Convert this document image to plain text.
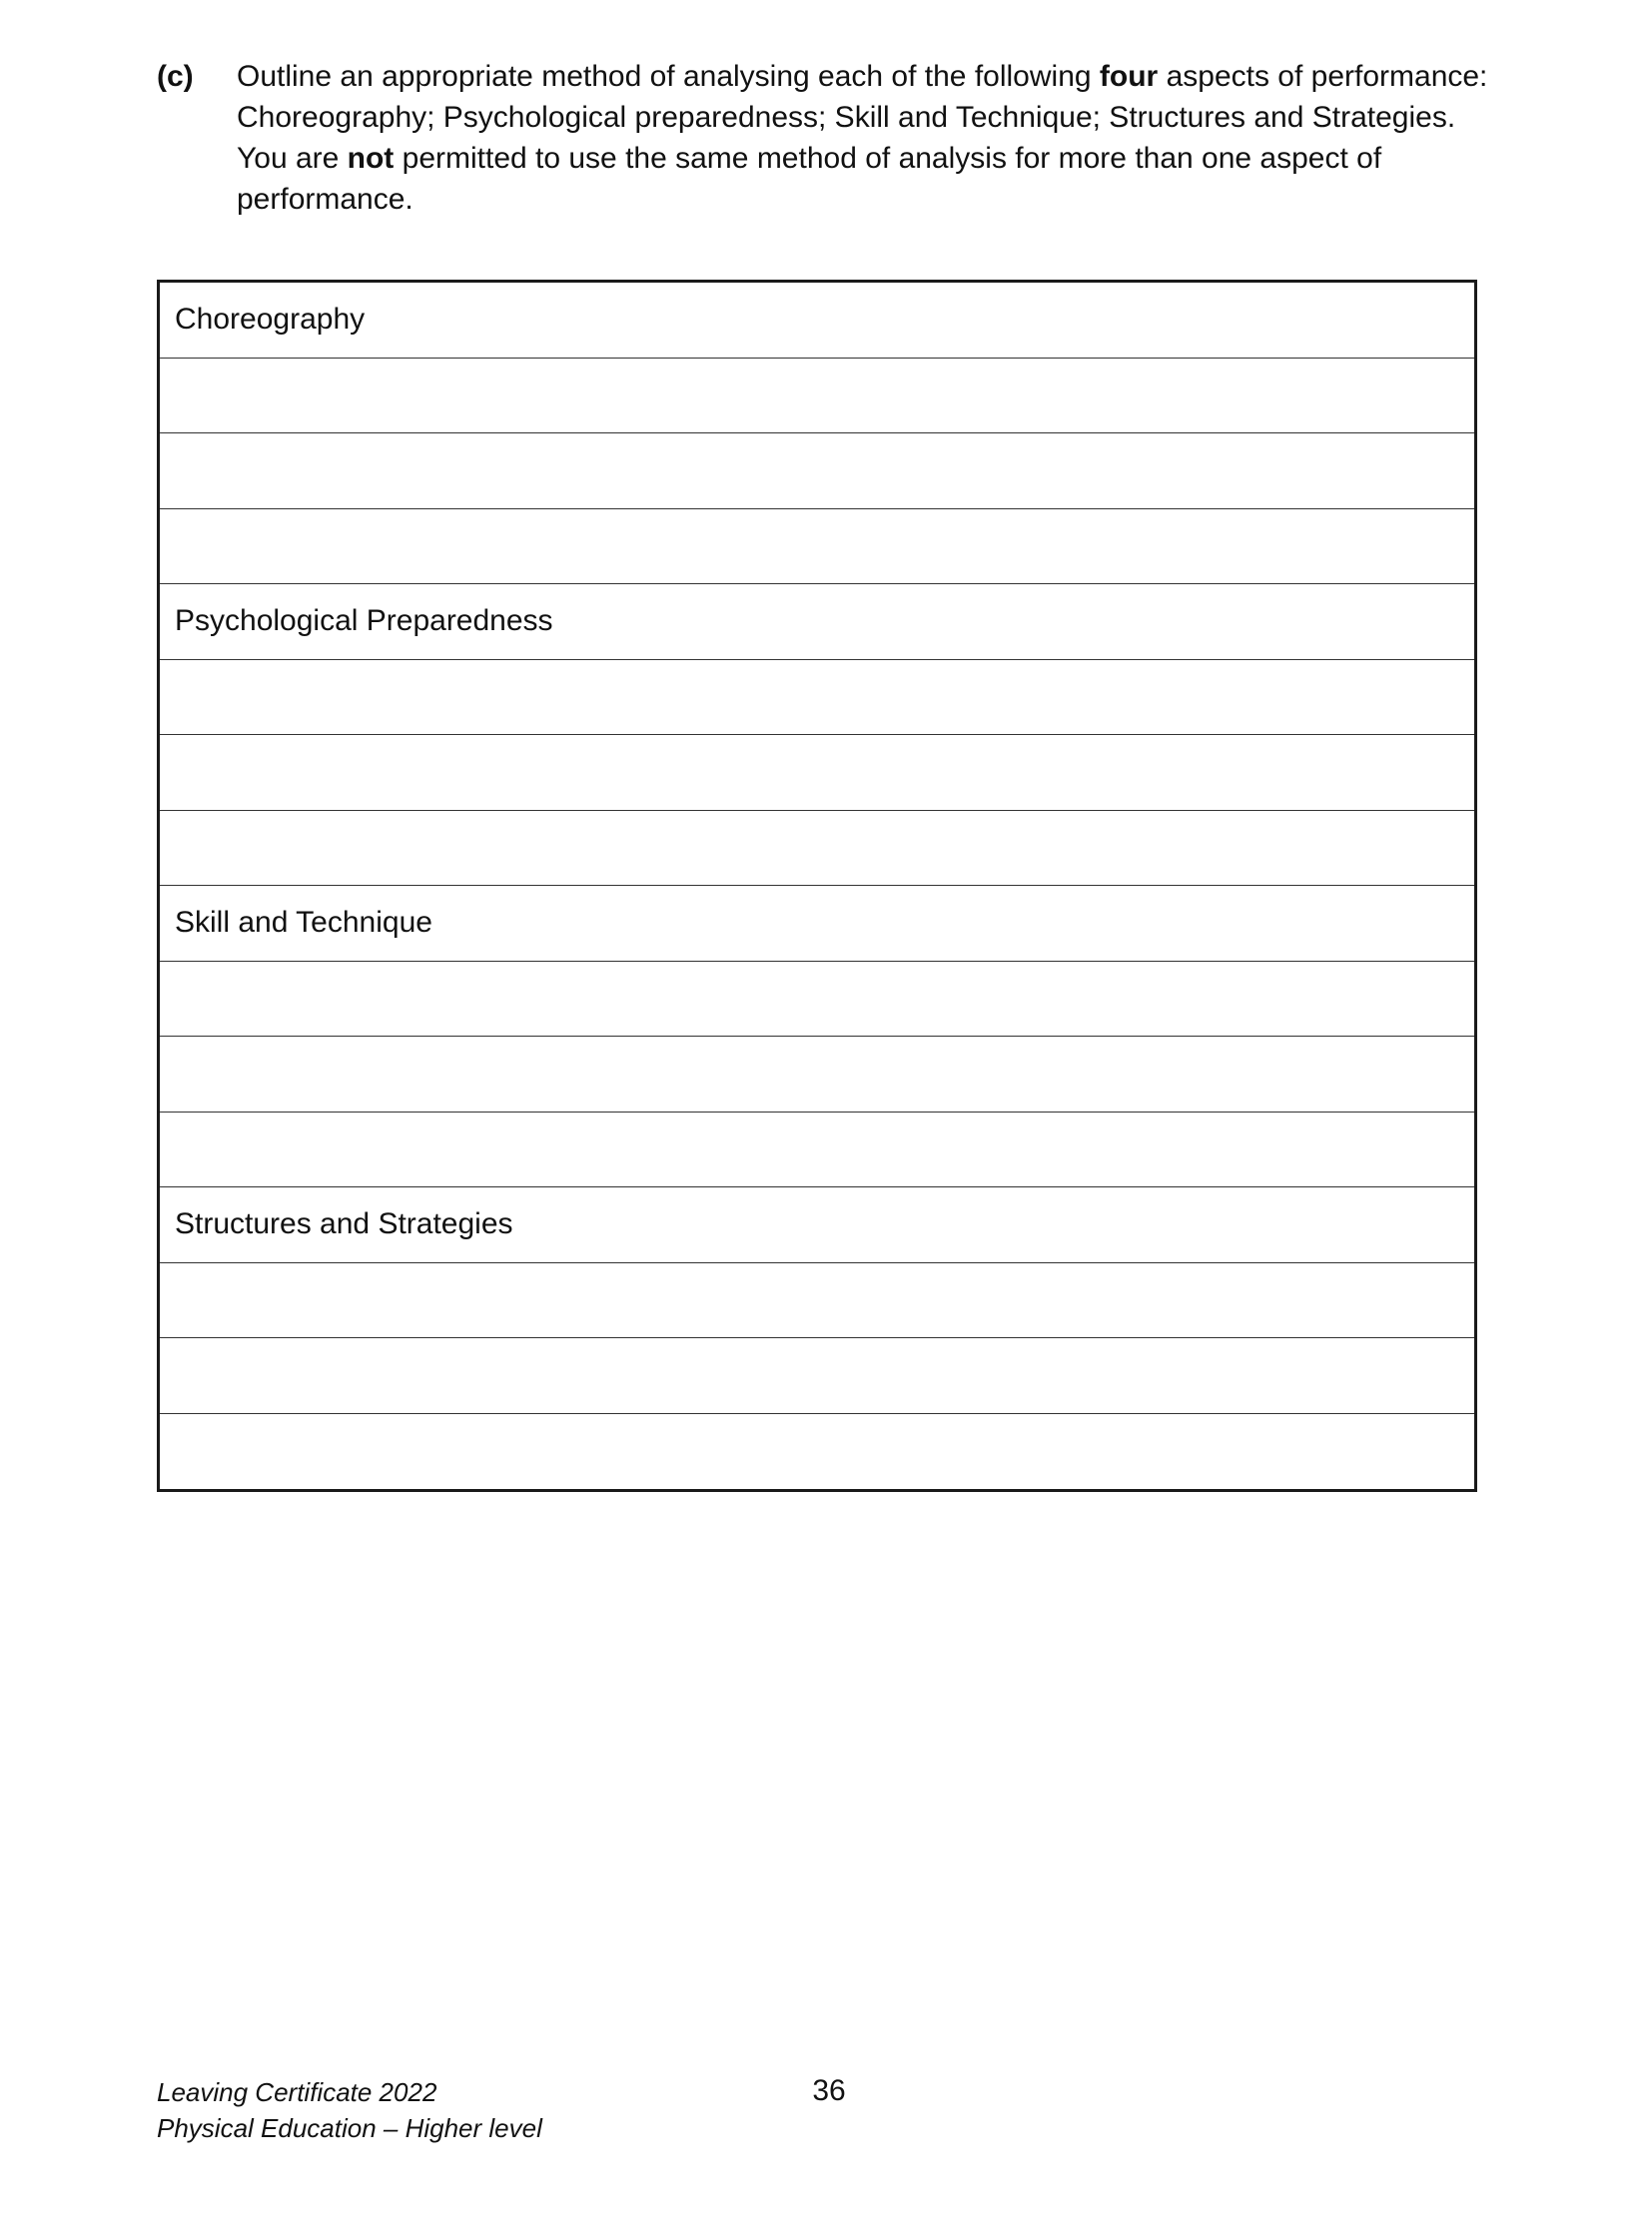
(c) Outline an appropriate method of analysing each of the following four aspects of performance:

Choreography; Psychological preparedness; Skill and Technique; Structures and Strategies.

You are not permitted to use the same method of analysis for more than one aspect of performance.

Choreography
Psychological Preparedness
Skill and Technique
Structures and Strategies
Leaving Certificate 2022
Physical Education – Higher level
36
